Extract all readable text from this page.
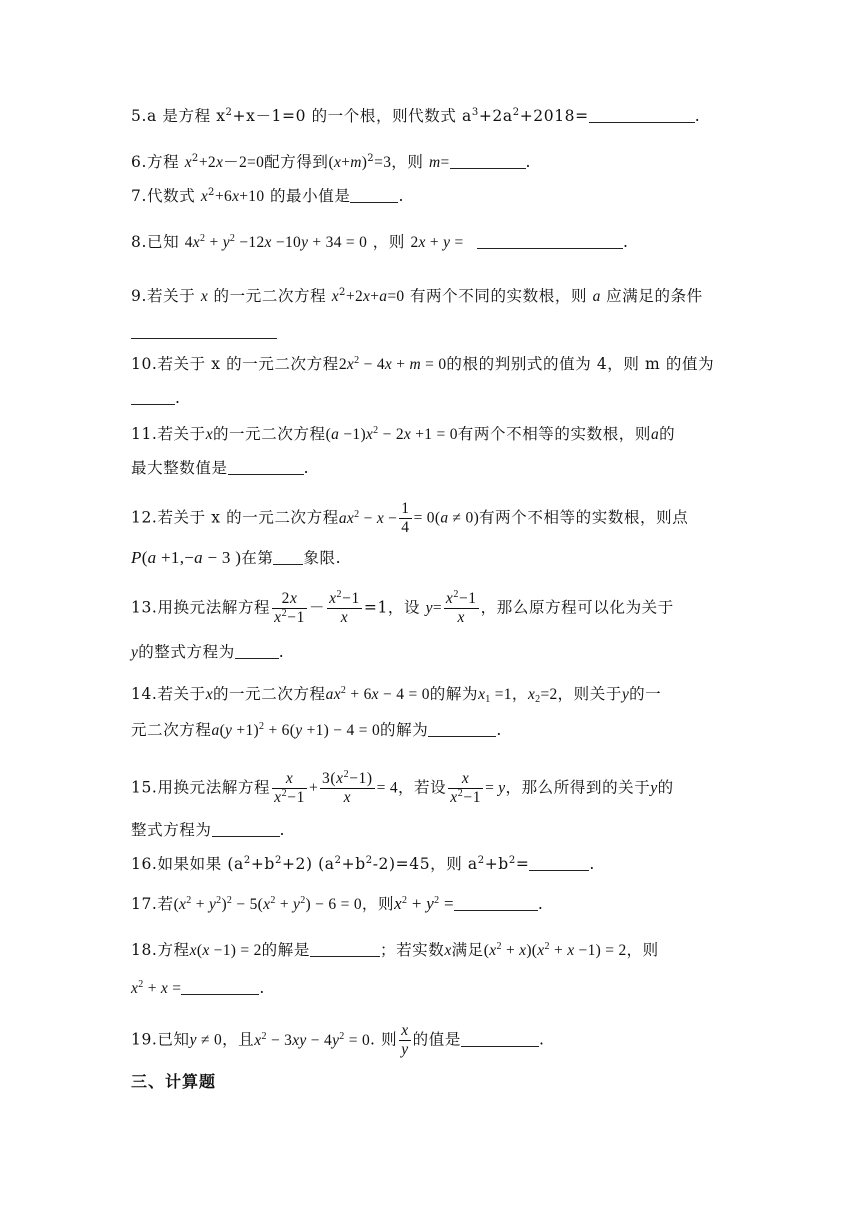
5.a 是方程 $x^2+x-1=0$ 的一个根，则代数式 $a^3+2a^2+2018=$	.
6.方程 $x^2+2x-2=0$配方得到$(x+m)^2=3$，则 m=	.
7.代数式 $x^2+6x+10$ 的最小值是	.
8.已知 $4x^2 + y^2 -12x -10y + 34 = 0$ ，则 2x + y =	.
9.若关于 x 的一元二次方程 $x^2+2x+a=0$ 有两个不同的实数根，则 a 应满足的条件
10.若关于 x 的一元二次方程$2x^2 - 4x + m = 0$的根的判别式的值为 4，则 m 的值为
.
11.若关于x的一元二次方程$(a -1)x^2 - 2x +1 = 0$有两个不相等的实数根，则a的
最大整数值是	.
12.若关于 x 的一元二次方程$ax^2 - x - \frac{1}{4} = 0(a \ne 0)$有两个不相等的实数根，则点
P(a +1,−a − 3 )在第 象限.
13.用换元法解方程 $\frac{2x}{x^2-1} - \frac{x^2-1}{x} =1$，设 $y= \frac{x^2-1}{x}$ ，那么原方程可以化为关于
y的整式方程为	.
14.若关于x的一元二次方程$ax^2 + 6x - 4 = 0$的解为$x_1 =1$，$x_2=2$，则关于y的一
元二次方程$a(y +1)^2 + 6(y +1) - 4 = 0$的解为	.
15.用换元法解方程 $\frac{x}{x^2-1} + \frac{3(x^2-1)}{x} = 4$，若设 $\frac{x}{x^2-1} = y$，那么所得到的关于y的
整式方程为	.
16.如果如果 $(a^2+b^2+2)$ $(a^2+b^2-2)=45$，则 $a^2+b^2=$	.
17.若$(x^2 + y^2)^2 - 5(x^2 + y^2) - 6 = 0$，则$x^2 + y^2$ =	.
18.方程x(x −1) = 2的解是	；若实数x满足$(x^2 + x)(x^2 + x -1) = 2$，则
$x^2 + x$ =	.
19.已知y ≠ 0，且$x^2 - 3xy - 4y^2 = 0$. 则 $\frac{x}{y}$ 的值是	.
三、计算题
